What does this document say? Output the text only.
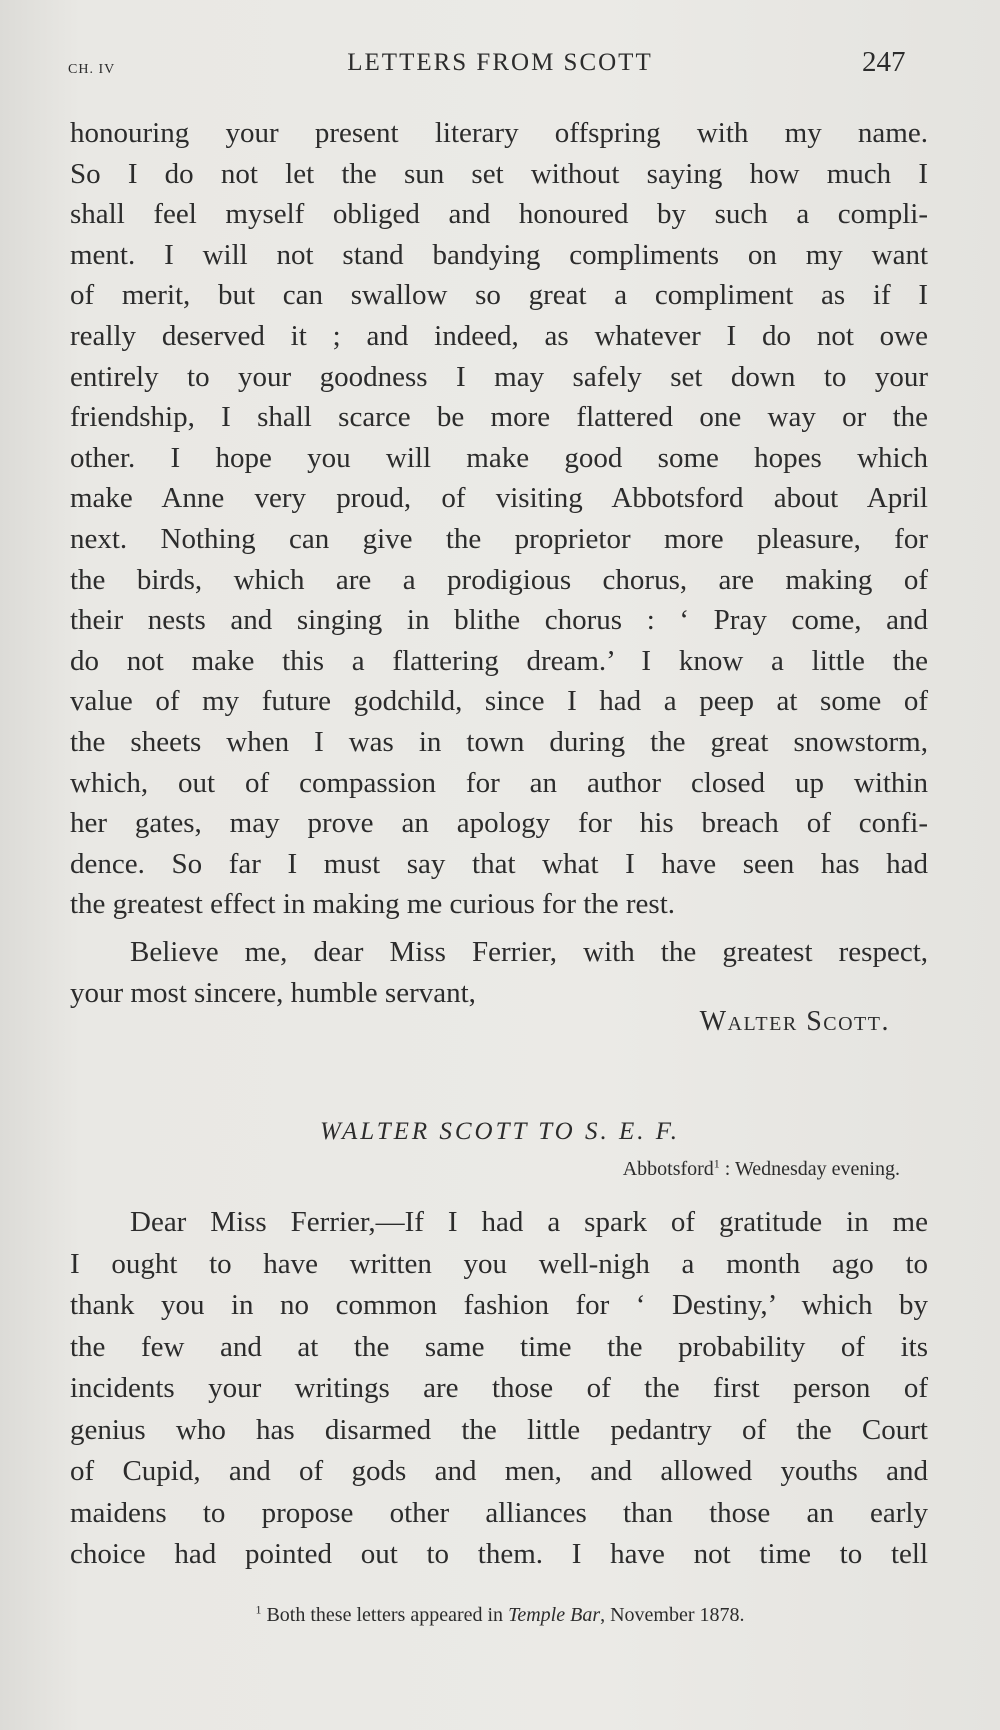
CH. IV	LETTERS FROM SCOTT	247
honouring your present literary offspring with my name.
So I do not let the sun set without saying how much I
shall feel myself obliged and honoured by such a compli-
ment. I will not stand bandying compliments on my want
of merit, but can swallow so great a compliment as if I
really deserved it ; and indeed, as whatever I do not owe
entirely to your goodness I may safely set down to your
friendship, I shall scarce be more flattered one way or the
other. I hope you will make good some hopes which
make Anne very proud, of visiting Abbotsford about April
next. Nothing can give the proprietor more pleasure, for
the birds, which are a prodigious chorus, are making of
their nests and singing in blithe chorus : ‘ Pray come, and
do not make this a flattering dream.’ I know a little the
value of my future godchild, since I had a peep at some of
the sheets when I was in town during the great snowstorm,
which, out of compassion for an author closed up within
her gates, may prove an apology for his breach of confi-
dence. So far I must say that what I have seen has had
the greatest effect in making me curious for the rest.
Believe me, dear Miss Ferrier, with the greatest respect,
your most sincere, humble servant,
Walter Scott.
WALTER SCOTT TO S. E. F.
Abbotsford$^1$ : Wednesday evening.
Dear Miss Ferrier,—If I had a spark of gratitude in me
I ought to have written you well-nigh a month ago to
thank you in no common fashion for ‘ Destiny,’ which by
the few and at the same time the probability of its
incidents your writings are those of the first person of
genius who has disarmed the little pedantry of the Court
of Cupid, and of gods and men, and allowed youths and
maidens to propose other alliances than those an early
choice had pointed out to them. I have not time to tell
$^1$ Both these letters appeared in Temple Bar, November 1878.
